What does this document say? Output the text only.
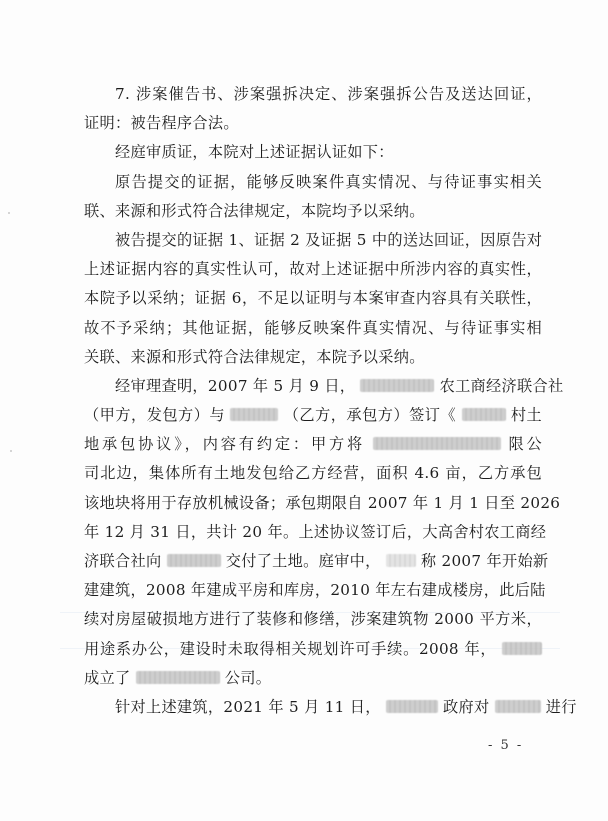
7. 涉案催告书、涉案强拆决定、涉案强拆公告及送达回证，
证明：被告程序合法。
经庭审质证，本院对上述证据认证如下：
原告提交的证据，能够反映案件真实情况、与待证事实相关
联、来源和形式符合法律规定，本院均予以采纳。
被告提交的证据 1、证据 2 及证据 5 中的送达回证，因原告对
上述证据内容的真实性认可，故对上述证据中所涉内容的真实性，
本院予以采纳；证据 6，不足以证明与本案审查内容具有关联性，
故不予采纳；其他证据，能够反映案件真实情况、与待证事实相
关联、来源和形式符合法律规定，本院予以采纳。
经审理查明，2007 年 5 月 9 日，	农工商经济联合社
（甲方，发包方）与	（乙方，承包方）签订《	村土
地承包协议》，内容有约定：甲方将	限公
司北边，集体所有土地发包给乙方经营，面积 4.6 亩，乙方承包
该地块将用于存放机械设备；承包期限自 2007 年 1 月 1 日至 2026
年 12 月 31 日，共计 20 年。上述协议签订后，大高舍村农工商经
济联合社向	交付了土地。庭审中，	称 2007 年开始新
建建筑，2008 年建成平房和库房，2010 年左右建成楼房，此后陆
续对房屋破损地方进行了装修和修缮，涉案建筑物 2000 平方米，
用途系办公，建设时未取得相关规划许可手续。2008 年，
成立了	公司。
针对上述建筑，2021 年 5 月 11 日，	政府对	进行
- 5 -
